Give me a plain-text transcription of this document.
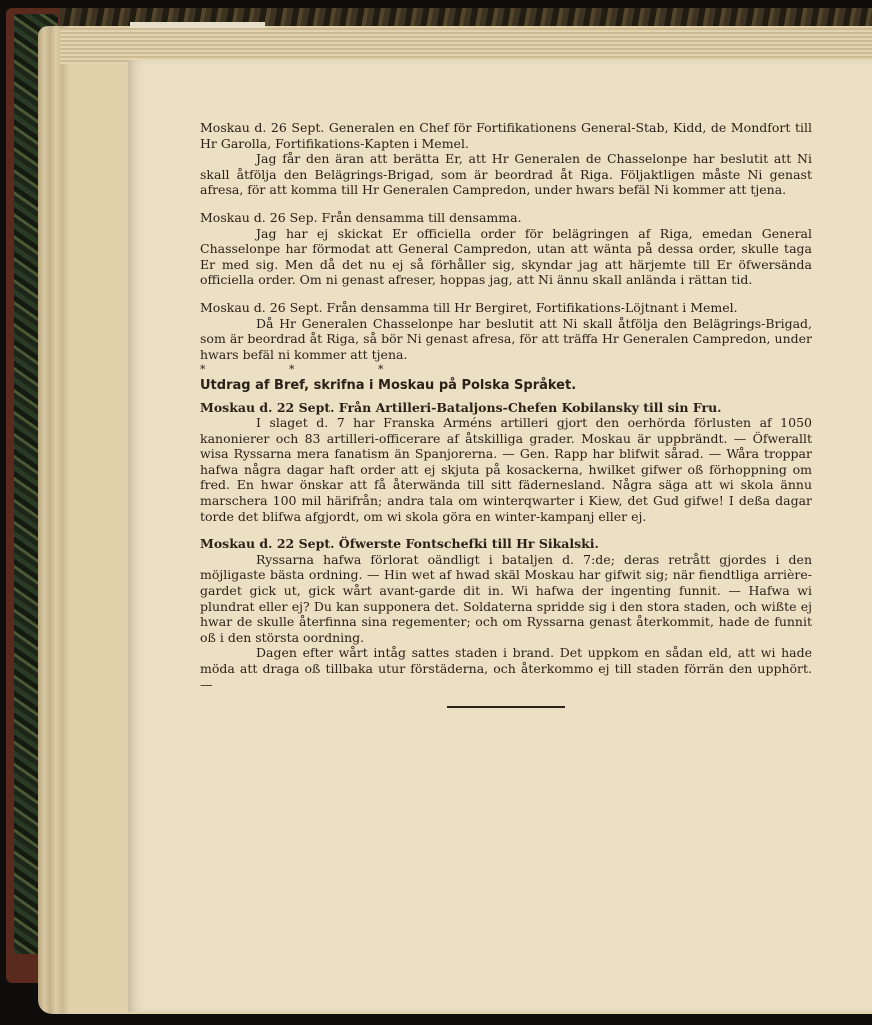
Moskau d. 26 Sept. Generalen en Chef för Fortifikationens General-Stab, Kidd, de Mondfort till Hr Garolla, Fortifikations-Kapten i Memel.

Jag får den äran att berätta Er, att Hr Generalen de Chasselonpe har beslutit att Ni skall åtfölja den Belägrings-Brigad, som är beordrad åt Riga. Följaktligen måste Ni genast afresa, för att komma till Hr Generalen Campredon, under hwars befäl Ni kommer att tjena.

Moskau d. 26 Sep. Från densamma till densamma.

Jag har ej skickat Er officiella order för belägringen af Riga, emedan General Chasselonpe har förmodat att General Campredon, utan att wänta på dessa order, skulle taga Er med sig. Men då det nu ej så förhåller sig, skyndar jag att härjemte till Er öfwersända officiella order. Om ni genast afreser, hoppas jag, att Ni ännu skall anlända i rättan tid.

Moskau d. 26 Sept. Från densamma till Hr Bergiret, Fortifikations-Löjtnant i Memel.

Då Hr Generalen Chasselonpe har beslutit att Ni skall åtfölja den Belägrings-Brigad, som är beordrad åt Riga, så bör Ni genast afresa, för att träffa Hr Generalen Campredon, under hwars befäl ni kommer att tjena.

* * *

Utdrag af Bref, skrifna i Moskau på Polska Språket.

Moskau d. 22 Sept. Från Artilleri-Bataljons-Chefen Kobilansky till sin Fru.

I slaget d. 7 har Franska Arméns artilleri gjort den oerhörda förlusten af 1050 kanonierer och 83 artilleri-officerare af åtskilliga grader. Moskau är uppbrändt. — Öfwerallt wisa Ryssarna mera fanatism än Spanjorerna. — Gen. Rapp har blifwit sårad. — Wåra troppar hafwa några dagar haft order att ej skjuta på kosackerna, hwilket gifwer oß förhoppning om fred. En hwar önskar att få återwända till sitt fädernesland. Några säga att wi skola ännu marschera 100 mil härifrån; andra tala om winterqwarter i Kiew, det Gud gifwe! I deßa dagar torde det blifwa afgjordt, om wi skola göra en winter-kampanj eller ej.

Moskau d. 22 Sept. Öfwerste Fontschefki till Hr Sikalski.

Ryssarna hafwa förlorat oändligt i bataljen d. 7:de; deras retrått gjordes i den möjligaste bästa ordning. — Hin wet af hwad skäl Moskau har gifwit sig; när fiendtliga arrière-gardet gick ut, gick wårt avant-garde dit in. Wi hafwa der ingenting funnit. — Hafwa wi plundrat eller ej? Du kan supponera det. Soldaterna spridde sig i den stora staden, och wißte ej hwar de skulle återfinna sina regementer; och om Ryssarna genast återkommit, hade de funnit oß i den största oordning.

Dagen efter wårt intåg sattes staden i brand. Det uppkom en sådan eld, att wi hade möda att draga oß tillbaka utur förstäderna, och återkommo ej till staden förrän den upphört. —
